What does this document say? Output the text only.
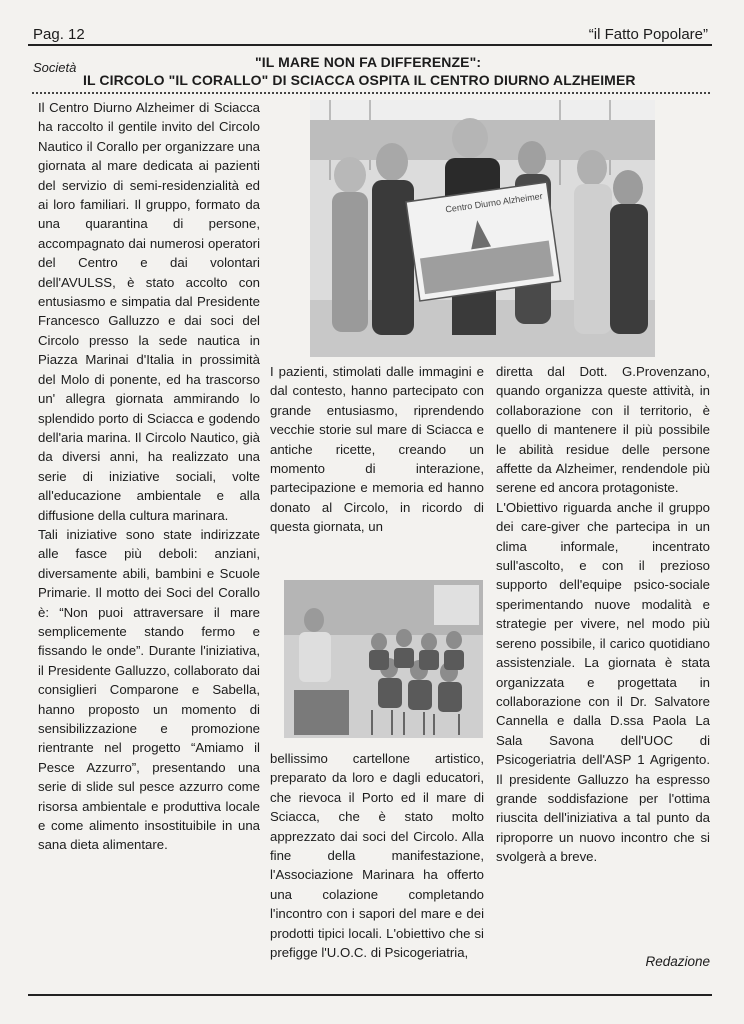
Pag. 12	“il Fatto Popolare”
Società	"IL MARE NON FA DIFFERENZE":
IL CIRCOLO "IL CORALLO" DI SCIACCA OSPITA IL CENTRO DIURNO ALZHEIMER
Centro Diurno Alzheimer

Il Centro Diurno Alzheimer di Sciacca ha raccolto il gentile invito del Circolo Nautico il Corallo per organizzare una giornata al mare dedicata ai pazienti del servizio di semi-residenzialità ed ai loro familiari. Il gruppo, formato da una quarantina di persone, accompagnato dai numerosi operatori del Centro e dai volontari dell'AVULSS, è stato accolto con entusiasmo e simpatia dal Presidente Francesco Galluzzo e dai soci del Circolo presso la sede nautica in Piazza Marinai d'Italia in prossimità del Molo di ponente, ed ha trascorso un' allegra giornata ammirando lo splendido porto di Sciacca e godendo dell'aria marina. Il Circolo Nautico, già da diversi anni, ha realizzato una serie di iniziative sociali, volte all'educazione ambientale e alla diffusione della cultura marinara.

Tali iniziative sono state indirizzate alle fasce più deboli: anziani, diversamente abili, bambini e Scuole Primarie. Il motto dei Soci del Corallo è: “Non puoi attraversare il mare semplicemente stando fermo e fissando le onde”. Durante l'iniziativa, il Presidente Galluzzo, collaborato dai consiglieri Comparone e Sabella, hanno proposto un momento di sensibilizzazione e promozione rientrante nel progetto “Amiamo il Pesce Azzurro”, presentando una serie di slide sul pesce azzurro come risorsa ambientale e produttiva locale e come alimento insostituibile in una sana dieta alimentare.

I pazienti, stimolati dalle immagini e dal contesto, hanno partecipato con grande entusiasmo, riprendendo vecchie storie sul mare di Sciacca e antiche ricette, creando un momento di interazione, partecipazione e memoria ed hanno donato al Circolo, in ricordo di questa giornata, un

bellissimo cartellone artistico, preparato da loro e dagli educatori, che rievoca il Porto ed il mare di Sciacca, che è stato molto apprezzato dai soci del Circolo. Alla fine della manifestazione, l'Associazione Marinara ha offerto una colazione completando l'incontro con i sapori del mare e dei prodotti tipici locali. L'obiettivo che si prefigge l'U.O.C. di Psicogeriatria,

diretta dal Dott. G.Provenzano, quando organizza queste attività, in collaborazione con il territorio, è quello di mantenere il più possibile le abilità residue delle persone affette da Alzheimer, rendendole più serene ed ancora protagoniste.

L'Obiettivo riguarda anche il gruppo dei care-giver che partecipa in un clima informale, incentrato sull'ascolto, e con il prezioso supporto dell'equipe psico-sociale sperimentando nuove modalità e strategie per vivere, nel modo più sereno possibile, il carico quotidiano assistenziale. La giornata è stata organizzata e progettata in collaborazione con il Dr. Salvatore Cannella e dalla D.ssa Paola La Sala Savona dell'UOC di Psicogeriatria dell'ASP 1 Agrigento. Il presidente Galluzzo ha espresso grande soddisfazione per l'ottima riuscita dell'iniziativa a tal punto da riproporre un nuovo incontro che si svolgerà a breve.

Redazione
